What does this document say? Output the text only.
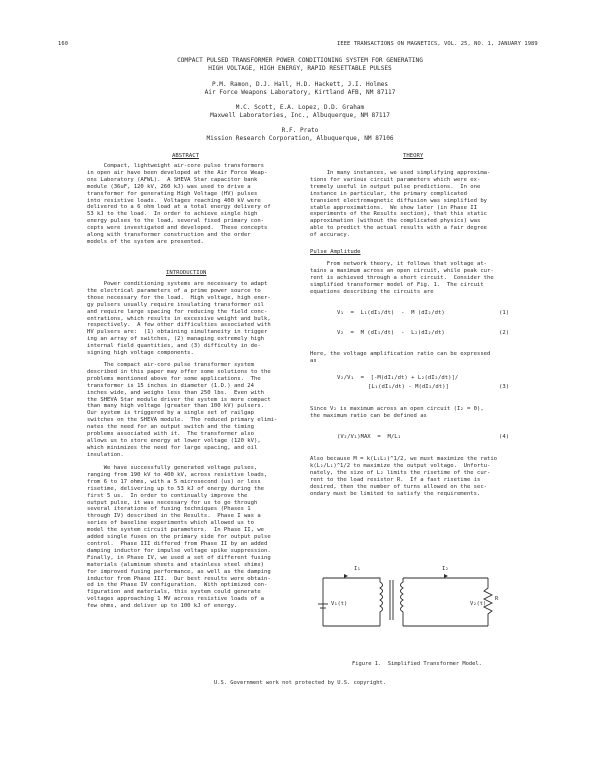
160	IEEE TRANSACTIONS ON MAGNETICS, VOL. 25, NO. 1, JANUARY 1989
COMPACT PULSED TRANSFORMER POWER CONDITIONING SYSTEM FOR GENERATING
HIGH VOLTAGE, HIGH ENERGY, RAPID RESETTABLE PULSES
P.M. Ramon, D.J. Hall, H.D. Hackett, J.I. Holmes
Air Force Weapons Laboratory, Kirtland AFB, NM 87117
M.C. Scott, E.A. Lopez, D.D. Graham
Maxwell Laboratories, Inc., Albuquerque, NM 87117
R.F. Prato
Mission Research Corporation, Albuquerque, NM 87106
ABSTRACT
Compact, lightweight air-core pulse transformers
in open air have been developed at the Air Force Weap-
ons Laboratory (AFWL).  A SHEVA Star capacitor bank
module (36uF, 120 kV, 260 kJ) was used to drive a
transformer for generating High Voltage (HV) pulses
into resistive loads.  Voltages reaching 400 kV were
delivered to a 6 ohm load at a total energy delivery of
53 kJ to the load.  In order to achieve single high
energy pulses to the load, several fixed primary con-
cepts were investigated and developed.  These concepts
along with transformer construction and the order
models of the system are presented.
INTRODUCTION
Power conditioning systems are necessary to adapt
the electrical parameters of a prime power source to
those necessary for the load.  High voltage, high ener-
gy pulsers usually require insulating transformer oil
and require large spacing for reducing the field conc-
entrations, which results in excessive weight and bulk,
respectively.  A few other difficulties associated with
HV pulsers are:  (1) obtaining simultaneity in trigger
ing an array of switches, (2) managing extremely high
internal field quantities, and (3) difficulty in de-
signing high voltage components.
The compact air-core pulse transformer system
described in this paper may offer some solutions to the
problems mentioned above for some applications.  The
transformer is 15 inches in diameter (1.D.) and 24
inches wide, and weighs less than 250 lbs.  Even with
the SHEVA Star module driver the system is more compact
than many high voltage (greater than 100 kV) pulsers.
Our system is triggered by a single set of railgap
switches on the SHEVA module.  The reduced primary elimi-
nates the need for an output switch and the timing
problems associated with it.  The transformer also
allows us to store energy at lower voltage (120 kV),
which minimizes the need for large spacing, and oil
insulation.
We have successfully generated voltage pulses,
ranging from 190 kV to 400 kV, across resistive loads,
from 6 to 17 ohms, with a 5 microsecond (us) or less
risetime, delivering up to 53 kJ of energy during the
first 5 us.  In order to continually improve the
output pulse, it was necessary for us to go through
several iterations of fusing techniques (Phases 1
through IV) described in the Results.  Phase I was a
series of baseline experiments which allowed us to
model the system circuit parameters.  In Phase II, we
added single fuses on the primary side for output pulse
control.  Phase III differed from Phase II by an added
damping inductor for impulse voltage spike suppression.
Finally, in Phase IV, we used a set of different fusing
materials (aluminum sheets and stainless steel shims)
for improved fusing performance, as well as the damping
inductor from Phase III.  Our best results were obtain-
ed in the Phase IV configuration.  With optimized con-
figuration and materials, this system could generate
voltages approaching 1 MV across resistive loads of a
few ohms, and deliver up to 100 kJ of energy.
THEORY
In many instances, we used simplifying approxima-
tions for various circuit parameters which were ex-
tremely useful in output pulse predictions.  In one
instance in particular, the primary complicated
transient electromagnetic diffusion was simplified by
stable approximations.  We show later (in Phase II
experiments of the Results section), that this static
approximation (without the complicated physics) was
able to predict the actual results with a fair degree
of accuracy.
Pulse Amplitude
From network theory, it follows that voltage at-
tains a maximum across an open circuit, while peak cur-
rent is achieved through a short circuit.  Consider the
simplified transformer model of Fig. 1.  The circuit
equations describing the circuits are
V₁  =  L₁(dI₁/dt)  -  M (dI₂/dt)	(1)
V₂  =  M (dI₁/dt)  -  L₂(dI₂/dt)	(2)
Here, the voltage amplification ratio can be expressed
as
V₂/V₁  =  [-M(dI₁/dt) + L₂(dI₂/dt)]/
[L₁(dI₁/dt) - M(dI₂/dt)]	(3)
Since V₂ is maximum across an open circuit (I₂ = 0),
the maximum ratio can be defined as
(V₂/V₁)MAX  =  M/L₁	(4)
Also because M = k(L₁L₂)^1/2, we must maximize the ratio
k(L₂/L₁)^1/2 to maximize the output voltage.  Unfortu-
nately, the size of L₂ limits the risetime of the cur-
rent to the load resistor R.  If a fast risetime is
desired, then the number of turns allowed on the sec-
ondary must be limited to satisfy the requirements.
I₁	I₂
V₁(t)	V₂(t)
R
Figure 1.  Simplified Transformer Model.
U.S. Government work not protected by U.S. copyright.
